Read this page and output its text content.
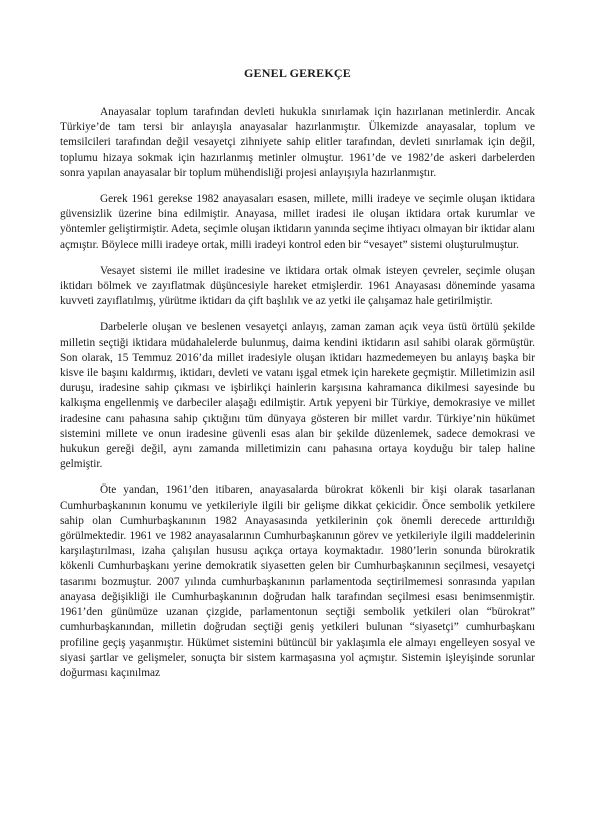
GENEL GEREKÇE

Anayasalar toplum tarafından devleti hukukla sınırlamak için hazırlanan metinlerdir. Ancak Türkiye’de tam tersi bir anlayışla anayasalar hazırlanmıştır. Ülkemizde anayasalar, toplum ve temsilcileri tarafından değil vesayetçi zihniyete sahip elitler tarafından, devleti sınırlamak için değil, toplumu hizaya sokmak için hazırlanmış metinler olmuştur. 1961’de ve 1982’de askeri darbelerden sonra yapılan anayasalar bir toplum mühendisliği projesi anlayışıyla hazırlanmıştır.

Gerek 1961 gerekse 1982 anayasaları esasen, millete, milli iradeye ve seçimle oluşan iktidara güvensizlik üzerine bina edilmiştir. Anayasa, millet iradesi ile oluşan iktidara ortak kurumlar ve yöntemler geliştirmiştir. Adeta, seçimle oluşan iktidarın yanında seçime ihtiyacı olmayan bir iktidar alanı açmıştır. Böylece milli iradeye ortak, milli iradeyi kontrol eden bir “vesayet” sistemi oluşturulmuştur.

Vesayet sistemi ile millet iradesine ve iktidara ortak olmak isteyen çevreler, seçimle oluşan iktidarı bölmek ve zayıflatmak düşüncesiyle hareket etmişlerdir. 1961 Anayasası döneminde yasama kuvveti zayıflatılmış, yürütme iktidarı da çift başlılık ve az yetki ile çalışamaz hale getirilmiştir.

Darbelerle oluşan ve beslenen vesayetçi anlayış, zaman zaman açık veya üstü örtülü şekilde milletin seçtiği iktidara müdahalelerde bulunmuş, daima kendini iktidarın asıl sahibi olarak görmüştür. Son olarak, 15 Temmuz 2016’da millet iradesiyle oluşan iktidarı hazmedemeyen bu anlayış başka bir kisve ile başını kaldırmış, iktidarı, devleti ve vatanı işgal etmek için harekete geçmiştir. Milletimizin asil duruşu, iradesine sahip çıkması ve işbirlikçi hainlerin karşısına kahramanca dikilmesi sayesinde bu kalkışma engellenmiş ve darbeciler alaşağı edilmiştir. Artık yepyeni bir Türkiye, demokrasiye ve millet iradesine canı pahasına sahip çıktığını tüm dünyaya gösteren bir millet vardır. Türkiye’nin hükümet sistemini millete ve onun iradesine güvenli esas alan bir şekilde düzenlemek, sadece demokrasi ve hukukun gereği değil, aynı zamanda milletimizin canı pahasına ortaya koyduğu bir talep haline gelmiştir.

Öte yandan, 1961’den itibaren, anayasalarda bürokrat kökenli bir kişi olarak tasarlanan Cumhurbaşkanının konumu ve yetkileriyle ilgili bir gelişme dikkat çekicidir. Önce sembolik yetkilere sahip olan Cumhurbaşkanının 1982 Anayasasında yetkilerinin çok önemli derecede arttırıldığı görülmektedir. 1961 ve 1982 anayasalarının Cumhurbaşkanının görev ve yetkileriyle ilgili maddelerinin karşılaştırılması, izaha çalışılan hususu açıkça ortaya koymaktadır. 1980’lerin sonunda bürokratik kökenli Cumhurbaşkanı yerine demokratik siyasetten gelen bir Cumhurbaşkanının seçilmesi, vesayetçi tasarımı bozmuştur. 2007 yılında cumhurbaşkanının parlamentoda seçtirilmemesi sonrasında yapılan anayasa değişikliği ile Cumhurbaşkanının doğrudan halk tarafından seçilmesi esası benimsenmiştir. 1961’den günümüze uzanan çizgide, parlamentonun seçtiği sembolik yetkileri olan “bürokrat” cumhurbaşkanından, milletin doğrudan seçtiği geniş yetkileri bulunan “siyasetçi” cumhurbaşkanı profiline geçiş yaşanmıştır. Hükümet sistemini bütüncül bir yaklaşımla ele almayı engelleyen sosyal ve siyasi şartlar ve gelişmeler, sonuçta bir sistem karmaşasına yol açmıştır. Sistemin işleyişinde sorunlar doğurması kaçınılmaz
